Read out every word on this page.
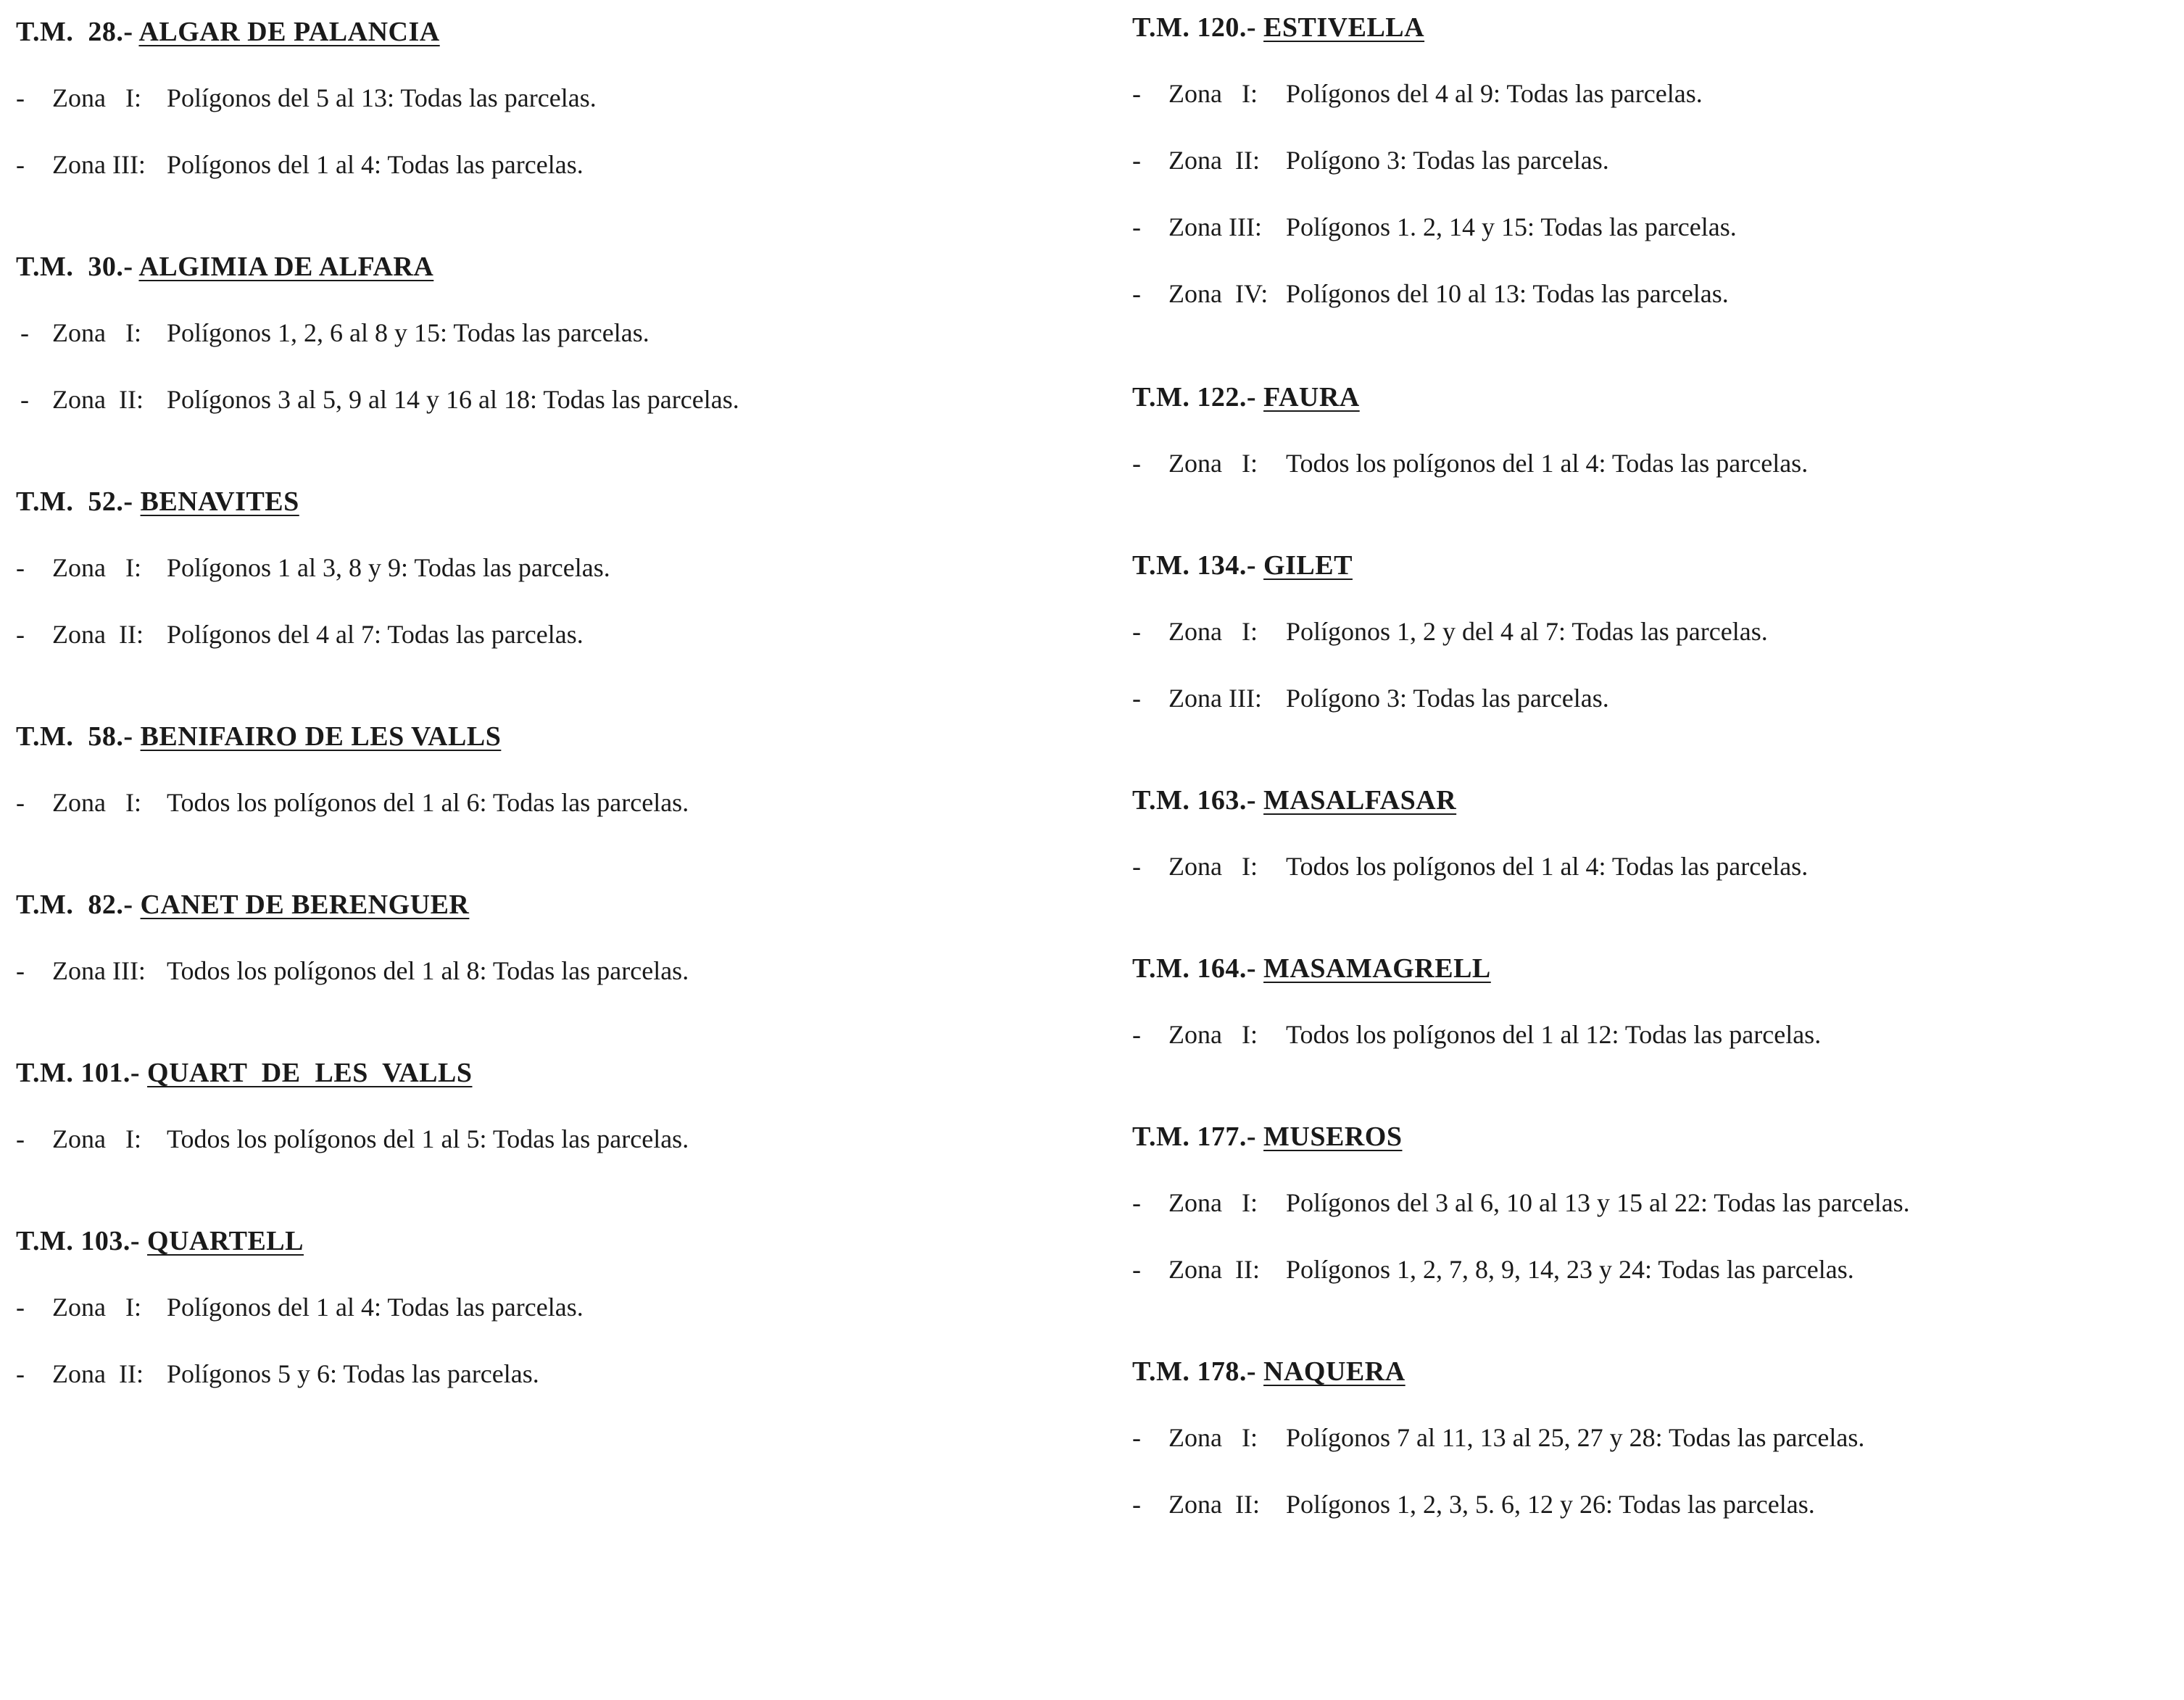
T.M.  28.- ALGAR DE PALANCIA
- Zona   I: Polígonos del 5 al 13: Todas las parcelas.
- Zona III: Polígonos del 1 al 4: Todas las parcelas.
T.M.  30.- ALGIMIA DE ALFARA
- Zona   I: Polígonos 1, 2, 6 al 8 y 15: Todas las parcelas.
- Zona  II: Polígonos 3 al 5, 9 al 14 y 16 al 18: Todas las parcelas.
T.M.  52.- BENAVITES
- Zona   I: Polígonos 1 al 3, 8 y 9: Todas las parcelas.
- Zona  II: Polígonos del 4 al 7: Todas las parcelas.
T.M.  58.- BENIFAIRO DE LES VALLS
- Zona   I: Todos los polígonos del 1 al 6: Todas las parcelas.
T.M.  82.- CANET DE BERENGUER
- Zona III: Todos los polígonos del 1 al 8: Todas las parcelas.
T.M. 101.- QUART  DE  LES  VALLS
- Zona   I: Todos los polígonos del 1 al 5: Todas las parcelas.
T.M. 103.- QUARTELL
- Zona   I: Polígonos del 1 al 4: Todas las parcelas.
- Zona  II: Polígonos 5 y 6: Todas las parcelas.
T.M. 120.- ESTIVELLA
- Zona   I: Polígonos del 4 al 9: Todas las parcelas.
- Zona  II: Polígono 3: Todas las parcelas.
- Zona III: Polígonos 1. 2, 14 y 15: Todas las parcelas.
- Zona  IV: Polígonos del 10 al 13: Todas las parcelas.
T.M. 122.- FAURA
- Zona   I: Todos los polígonos del 1 al 4: Todas las parcelas.
T.M. 134.- GILET
- Zona   I: Polígonos 1, 2 y del 4 al 7: Todas las parcelas.
- Zona III: Polígono 3: Todas las parcelas.
T.M. 163.- MASALFASAR
- Zona   I: Todos los polígonos del 1 al 4: Todas las parcelas.
T.M. 164.- MASAMAGRELL
- Zona   I: Todos los polígonos del 1 al 12: Todas las parcelas.
T.M. 177.- MUSEROS
- Zona   I: Polígonos del 3 al 6, 10 al 13 y 15 al 22: Todas las parcelas.
- Zona  II: Polígonos 1, 2, 7, 8, 9, 14, 23 y 24: Todas las parcelas.
T.M. 178.- NAQUERA
- Zona   I: Polígonos 7 al 11, 13 al 25, 27 y 28: Todas las parcelas.
- Zona  II: Polígonos 1, 2, 3, 5. 6, 12 y 26: Todas las parcelas.
